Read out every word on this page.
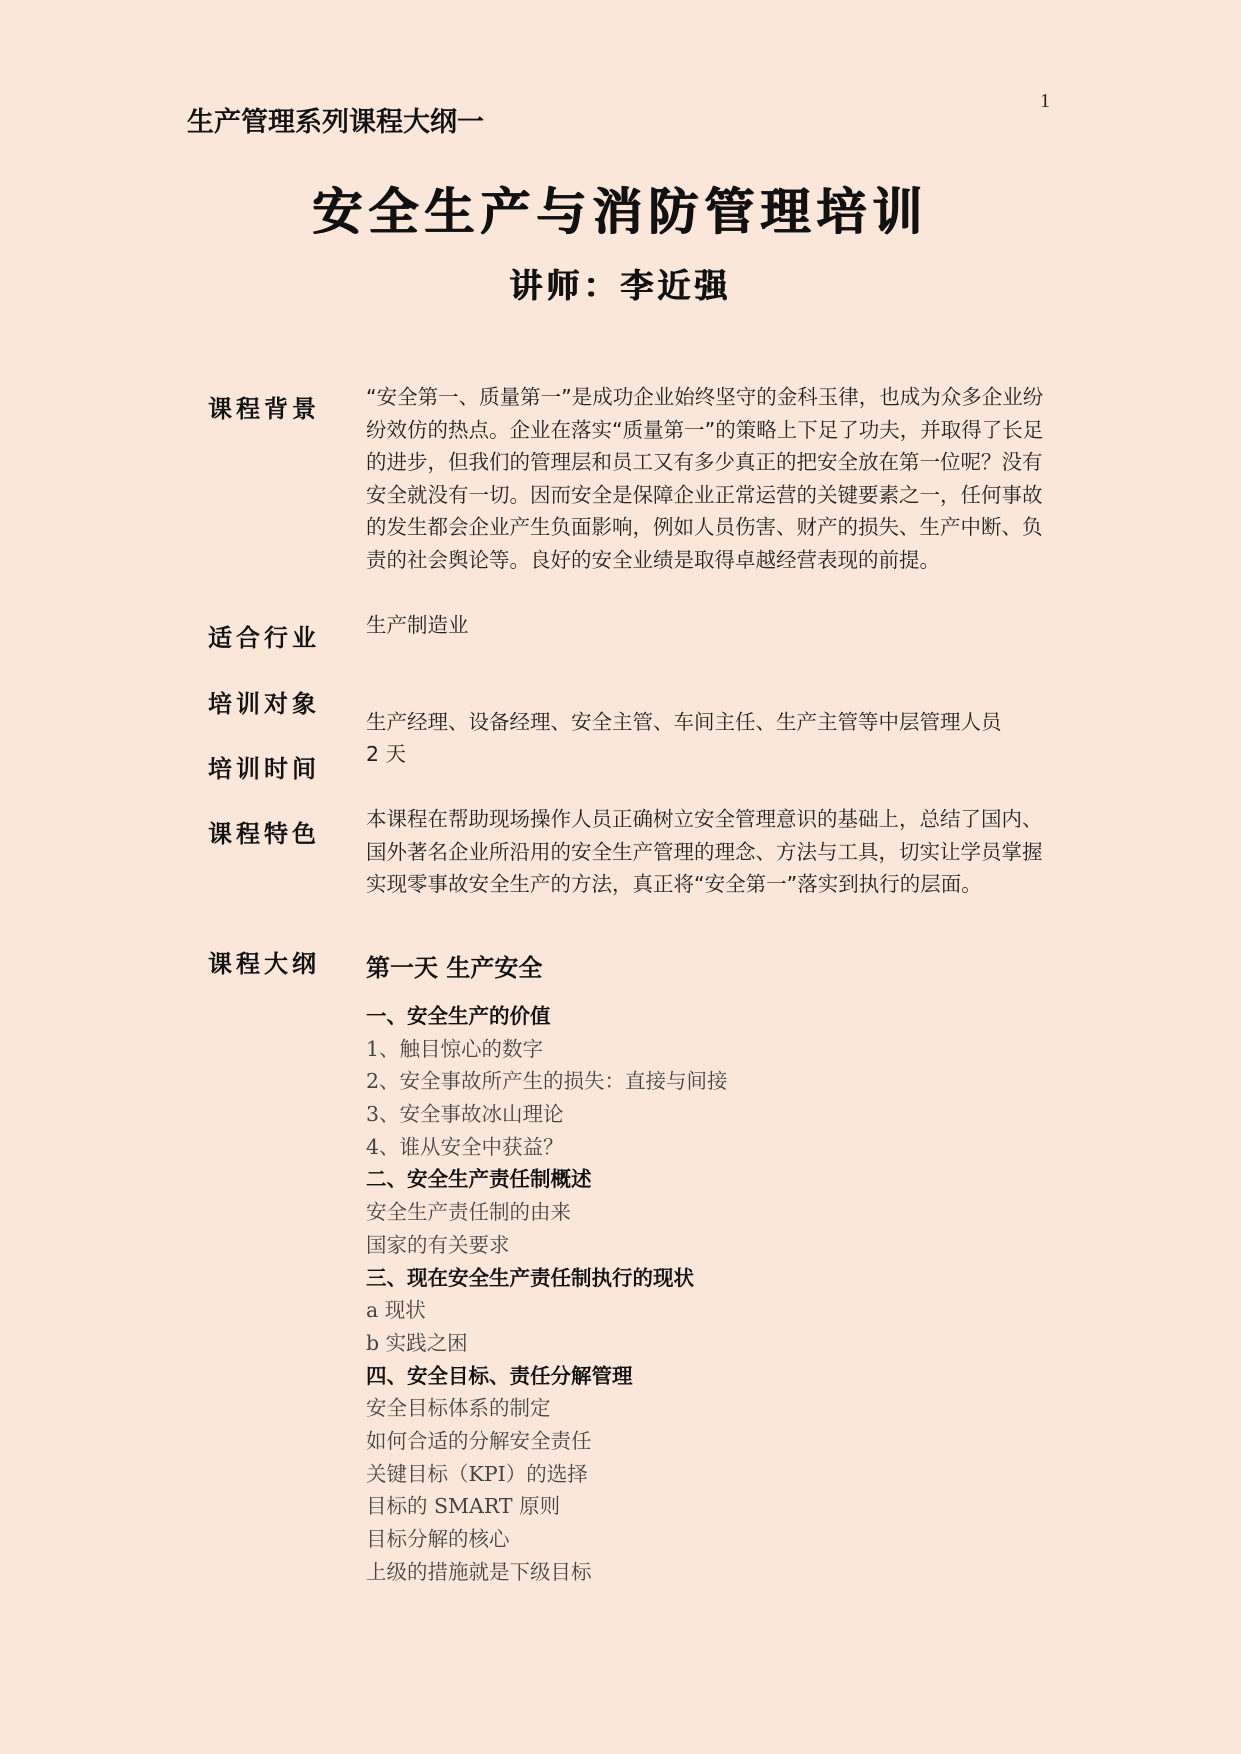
1
生产管理系列课程大纲一
安全生产与消防管理培训
讲师：李近强
课程背景 “安全第一、质量第一”是成功企业始终坚守的金科玉律，也成为众多企业纷纷效仿的热点。企业在落实“质量第一”的策略上下足了功夫，并取得了长足的进步，但我们的管理层和员工又有多少真正的把安全放在第一位呢？没有安全就没有一切。因而安全是保障企业正常运营的关键要素之一，任何事故的发生都会企业产生负面影响，例如人员伤害、财产的损失、生产中断、负责的社会舆论等。良好的安全业绩是取得卓越经营表现的前提。
适合行业 生产制造业
培训对象
生产经理、设备经理、安全主管、车间主任、生产主管等中层管理人员
培训时间 2 天
课程特色 本课程在帮助现场操作人员正确树立安全管理意识的基础上，总结了国内、国外著名企业所沿用的安全生产管理的理念、方法与工具，切实让学员掌握实现零事故安全生产的方法，真正将“安全第一”落实到执行的层面。
课程大纲 第一天 生产安全
一、安全生产的价值
1、触目惊心的数字
2、安全事故所产生的损失：直接与间接
3、安全事故冰山理论
4、谁从安全中获益？
二、安全生产责任制概述
安全生产责任制的由来
国家的有关要求
三、现在安全生产责任制执行的现状
a 现状
b 实践之困
四、安全目标、责任分解管理
安全目标体系的制定
如何合适的分解安全责任
关键目标（KPI）的选择
目标的 SMART 原则
目标分解的核心
上级的措施就是下级目标
